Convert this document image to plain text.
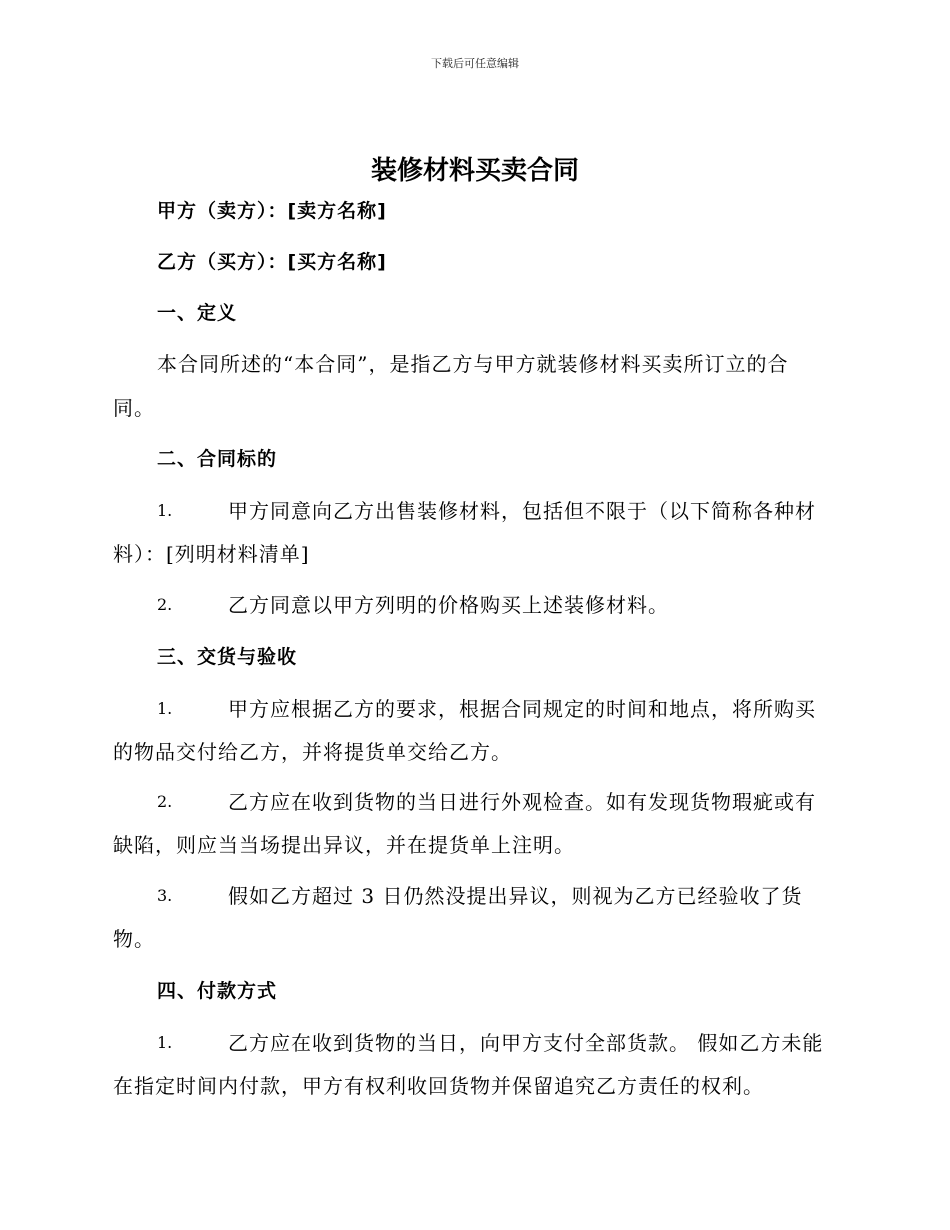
下载后可任意编辑
装修材料买卖合同
甲方（卖方）：[卖方名称]
乙方（买方）：[买方名称]
一、定义
本合同所述的“本合同”，是指乙方与甲方就装修材料买卖所订立的合
同。
二、合同标的
1.	甲方同意向乙方出售装修材料，包括但不限于（以下简称各种材
料）：[列明材料清单]
2.	乙方同意以甲方列明的价格购买上述装修材料。
三、交货与验收
1.	甲方应根据乙方的要求，根据合同规定的时间和地点，将所购买
的物品交付给乙方，并将提货单交给乙方。
2.	乙方应在收到货物的当日进行外观检查。如有发现货物瑕疵或有
缺陷，则应当当场提出异议，并在提货单上注明。
3.	假如乙方超过 3 日仍然没提出异议，则视为乙方已经验收了货
物。
四、付款方式
1.	乙方应在收到货物的当日，向甲方支付全部货款。 假如乙方未能
在指定时间内付款，甲方有权利收回货物并保留追究乙方责任的权利。
